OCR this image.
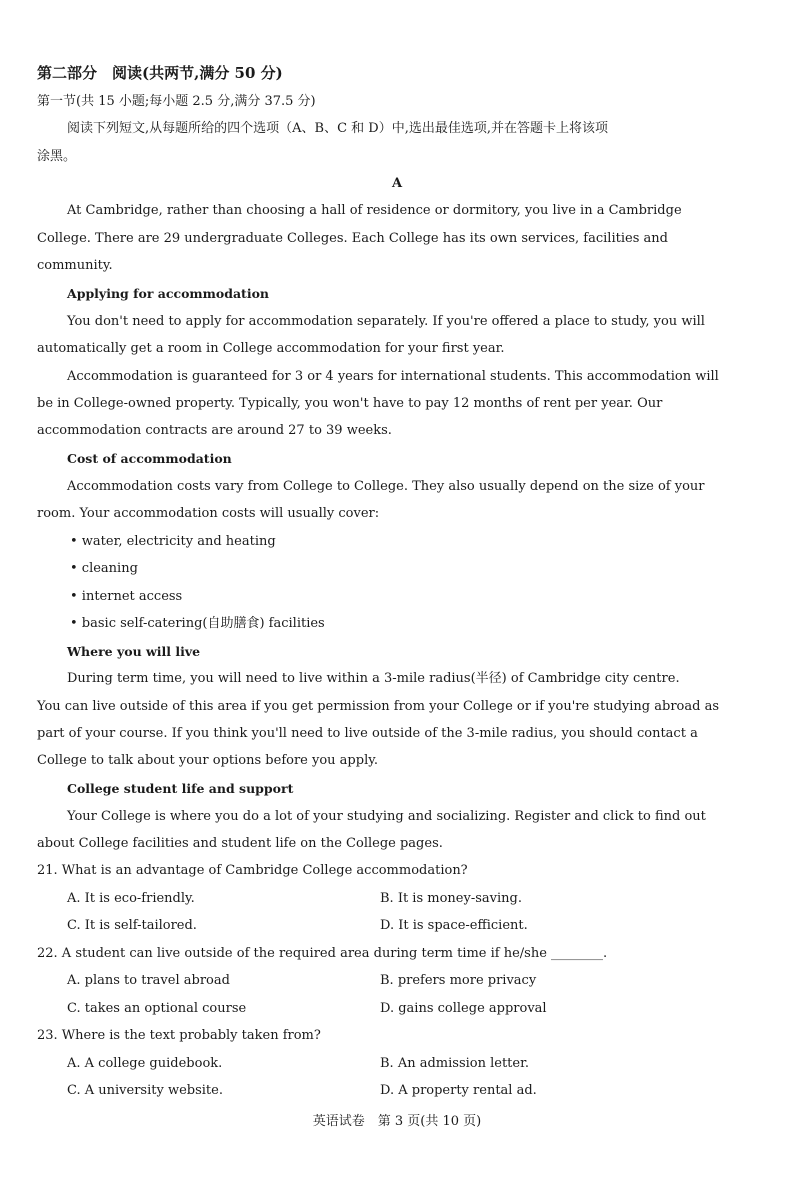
第二部分　阅读(共两节,满分 50 分)
第一节(共 15 小题;每小题 2.5 分,满分 37.5 分)
阅读下列短文,从每题所给的四个选项（A、B、C 和 D）中,选出最佳选项,并在答题卡上将该项
涂黑。
A
At Cambridge, rather than choosing a hall of residence or dormitory, you live in a Cambridge
College. There are 29 undergraduate Colleges. Each College has its own services, facilities and
community.
Applying for accommodation
You don't need to apply for accommodation separately. If you're offered a place to study, you will
automatically get a room in College accommodation for your first year.
Accommodation is guaranteed for 3 or 4 years for international students. This accommodation will
be in College-owned property. Typically, you won't have to pay 12 months of rent per year. Our
accommodation contracts are around 27 to 39 weeks.
Cost of accommodation
Accommodation costs vary from College to College. They also usually depend on the size of your
room. Your accommodation costs will usually cover:
• water, electricity and heating
• cleaning
• internet access
• basic self-catering(自助膳食) facilities
Where you will live
During term time, you will need to live within a 3-mile radius(半径) of Cambridge city centre.
You can live outside of this area if you get permission from your College or if you're studying abroad as
part of your course. If you think you'll need to live outside of the 3-mile radius, you should contact a
College to talk about your options before you apply.
College student life and support
Your College is where you do a lot of your studying and socializing. Register and click to find out
about College facilities and student life on the College pages.
21. What is an advantage of Cambridge College accommodation?
A. It is eco-friendly.	B. It is money-saving.
C. It is self-tailored.	D. It is space-efficient.
22. A student can live outside of the required area during term time if he/she ________.
A. plans to travel abroad	B. prefers more privacy
C. takes an optional course	D. gains college approval
23. Where is the text probably taken from?
A. A college guidebook.	B. An admission letter.
C. A university website.	D. A property rental ad.
英语试卷　第 3 页(共 10 页)
